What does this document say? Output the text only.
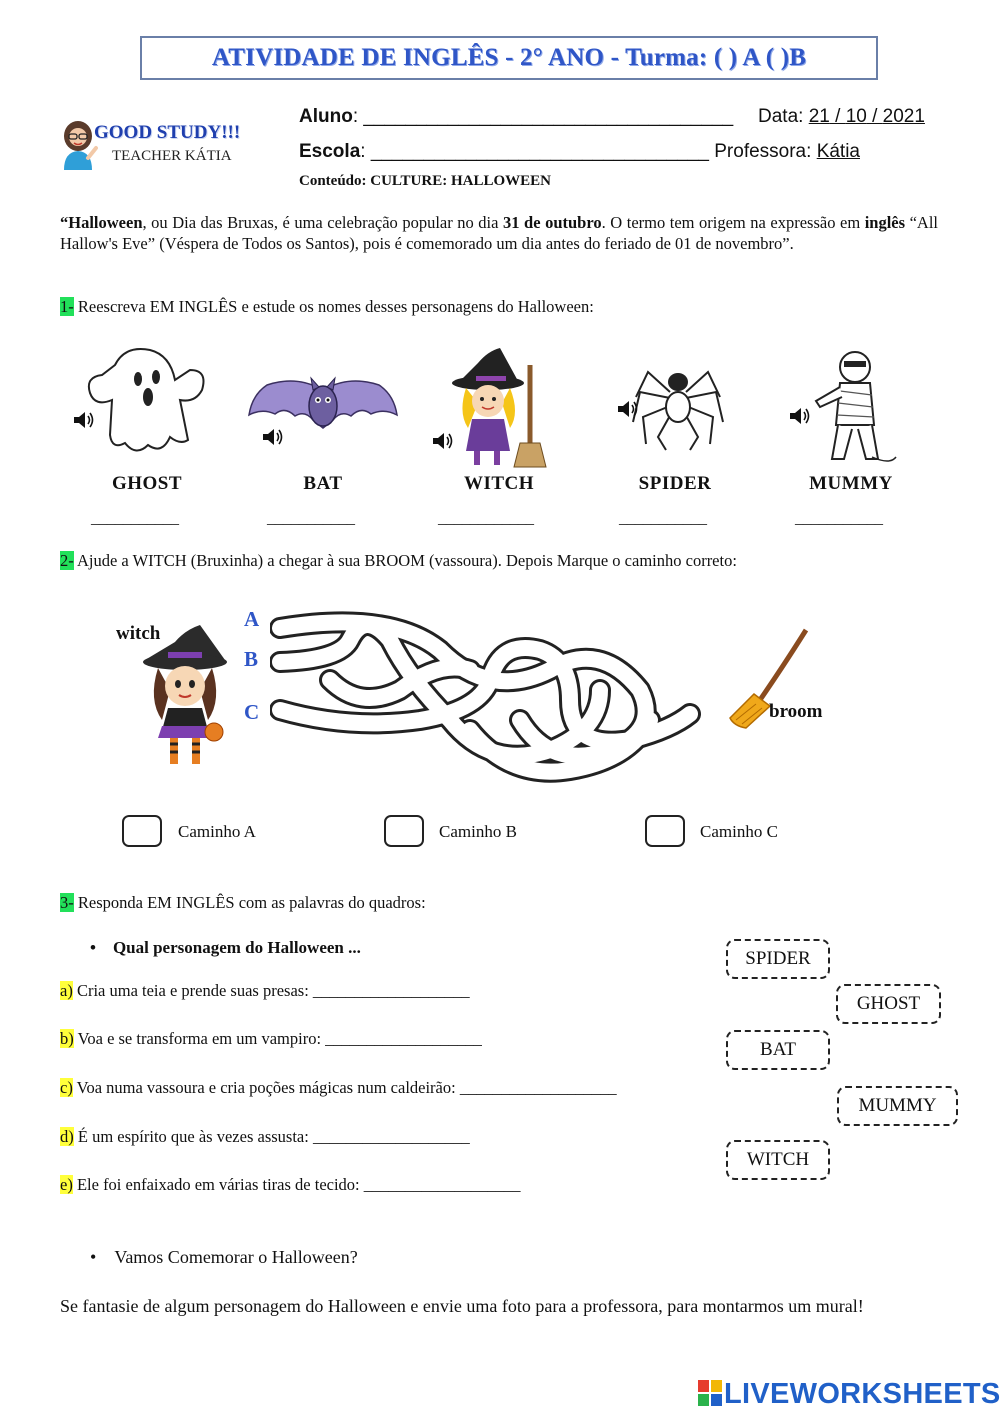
ATIVIDADE DE INGLÊS - 2° ANO - Turma: ( ) A ( )B
GOOD STUDY!!!
TEACHER KÁTIA
Aluno: ___________________________________ Data: 21 / 10 / 2021
Escola: ________________________________ Professora: Kátia
Conteúdo: CULTURE: HALLOWEEN
“Halloween, ou Dia das Bruxas, é uma celebração popular no dia 31 de outubro. O termo tem origem na expressão em inglês “All Hallow's Eve” (Véspera de Todos os Santos), pois é comemorado um dia antes do feriado de 01 de novembro”.
1- Reescreva EM INGLÊS e estude os nomes desses personagens do Halloween:
GHOST	BAT	WITCH	SPIDER	MUMMY
___________	___________	____________	___________	___________
2- Ajude a WITCH (Bruxinha) a chegar à sua BROOM (vassoura). Depois Marque o caminho correto:
witch
A
B
C	broom
Caminho A	Caminho B	Caminho C
3- Responda EM INGLÊS com as palavras do quadros:
•    Qual personagem do Halloween ...
a) Cria uma teia e prende suas presas: ___________________
b) Voa e se transforma em um vampiro: ___________________
c) Voa numa vassoura e cria poções mágicas num caldeirão: ___________________
d) É um espírito que às vezes assusta: ___________________
e) Ele foi enfaixado em várias tiras de tecido: ___________________
SPIDER
GHOST
BAT
MUMMY
WITCH
•    Vamos Comemorar o Halloween?
Se fantasie de algum personagem do Halloween e envie uma foto para a professora, para montarmos um mural!
LIVEWORKSHEETS
